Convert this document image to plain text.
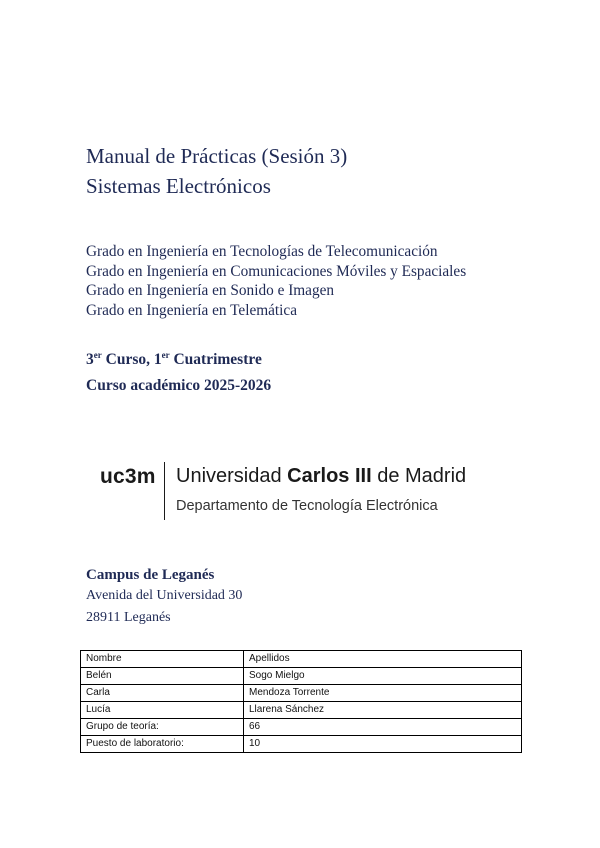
Manual de Prácticas (Sesión 3)
Sistemas Electrónicos
Grado en Ingeniería en Tecnologías de Telecomunicación
Grado en Ingeniería en Comunicaciones Móviles y Espaciales
Grado en Ingeniería en Sonido e Imagen
Grado en Ingeniería en Telemática
3er Curso, 1er Cuatrimestre
Curso académico 2025-2026
uc3m Universidad Carlos III de Madrid
Departamento de Tecnología Electrónica
Campus de Leganés
Avenida del Universidad 30
28911 Leganés
Nombre	Apellidos
Belén	Sogo Mielgo
Carla	Mendoza Torrente
Lucía	Llarena Sánchez
Grupo de teoría:	66
Puesto de laboratorio:	10
